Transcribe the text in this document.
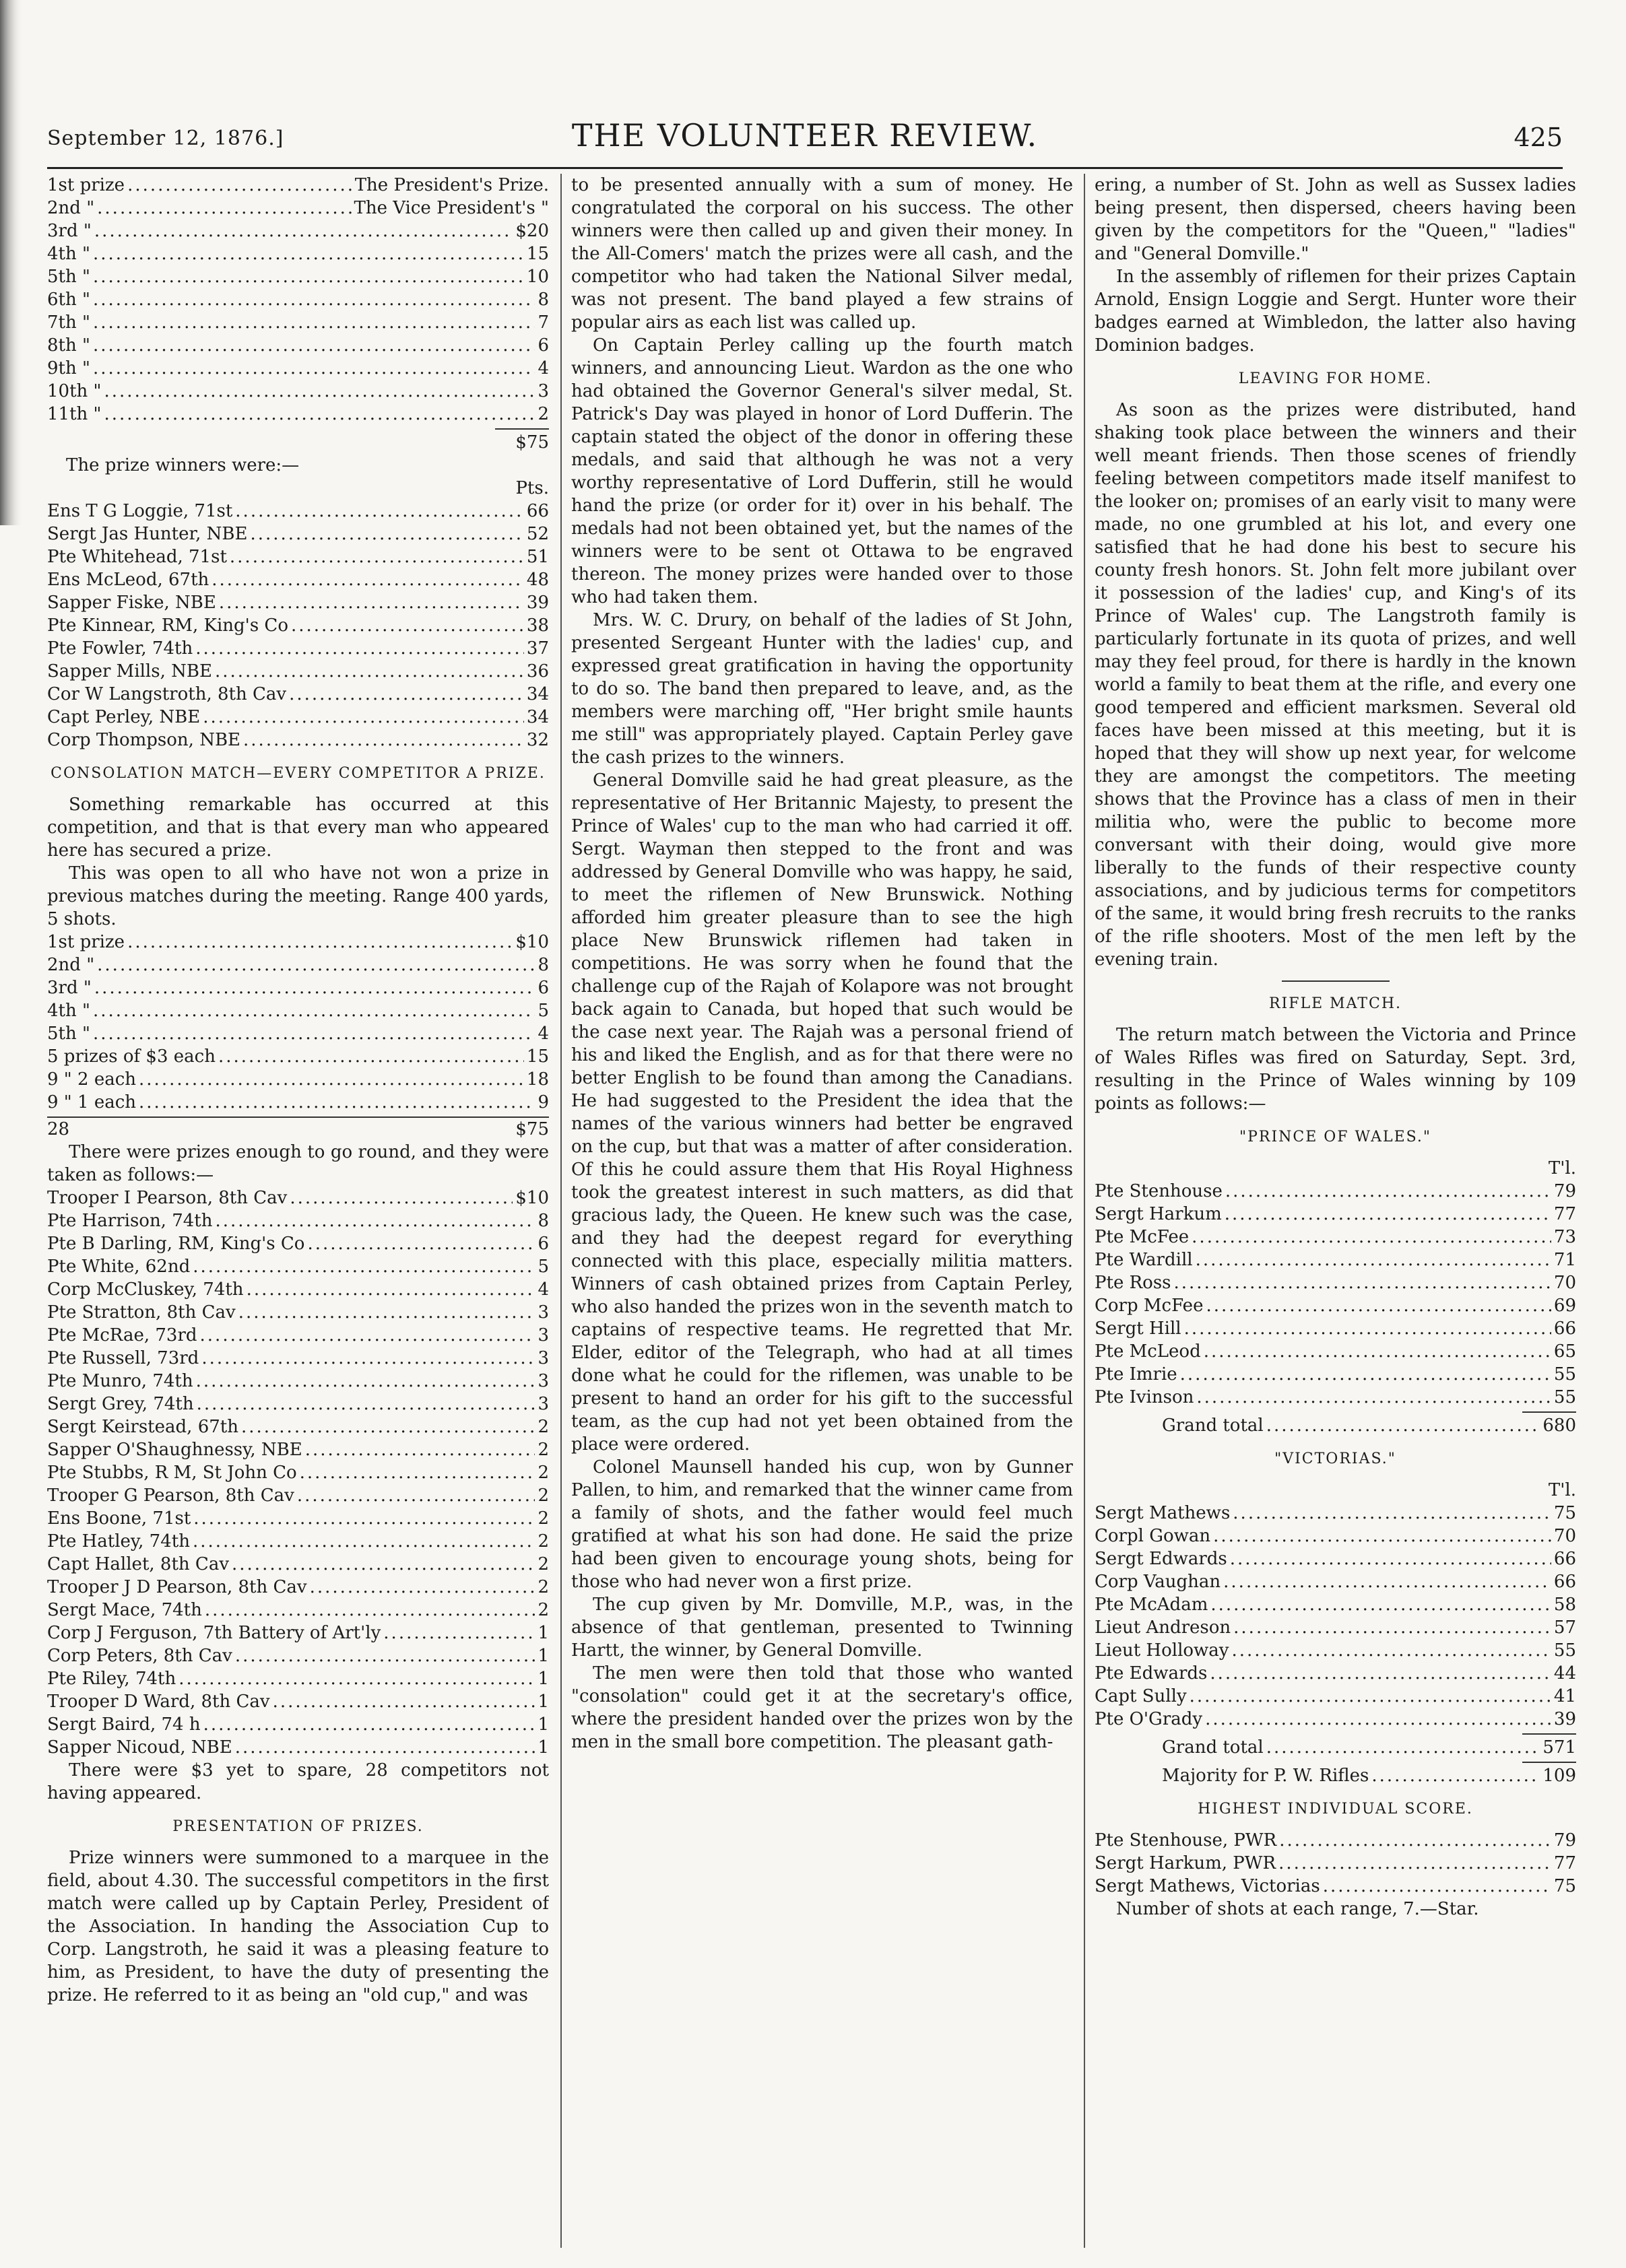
September 12, 1876.]	THE VOLUNTEER REVIEW.	425
1st prize .....	The President's Prize.
2nd " .....	The Vice President's "
3rd " .....	$20
4th " .....	15
5th " .....	10
6th " .....	8
7th " .....	7
8th " .....	6
9th " .....	4
10th " .....	3
11th " .....	2
$75
The prize winners were:—
Pts.
Ens T G Loggie, 71st .....	66
Sergt Jas Hunter, NBE .....	52
Pte Whitehead, 71st .....	51
Ens McLeod, 67th .....	48
Sapper Fiske, NBE .....	39
Pte Kinnear, RM, King's Co .....	38
Pte Fowler, 74th .....	37
Sapper Mills, NBE .....	36
Cor W Langstroth, 8th Cav .....	34
Capt Perley, NBE .....	34
Corp Thompson, NBE .....	32
CONSOLATION MATCH—EVERY COMPETITOR A PRIZE.

Something remarkable has occurred at this competition, and that is that every man who appeared here has secured a prize.

This was open to all who have not won a prize in previous matches during the meeting. Range 400 yards, 5 shots.

1st prize .....	$10
2nd " .....	8
3rd " .....	6
4th " .....	5
5th " .....	4
5 prizes of $3 each .....	15
9 " 2 each .....	18
9 " 1 each .....	9
28	$75

There were prizes enough to go round, and they were taken as follows:—

Trooper I Pearson, 8th Cav .....	$10
Pte Harrison, 74th .....	8
Pte B Darling, RM, King's Co .....	6
Pte White, 62nd .....	5
Corp McCluskey, 74th .....	4
Pte Stratton, 8th Cav .....	3
Pte McRae, 73rd .....	3
Pte Russell, 73rd .....	3
Pte Munro, 74th .....	3
Sergt Grey, 74th .....	3
Sergt Keirstead, 67th .....	2
Sapper O'Shaughnessy, NBE .....	2
Pte Stubbs, R M, St John Co .....	2
Trooper G Pearson, 8th Cav .....	2
Ens Boone, 71st .....	2
Pte Hatley, 74th .....	2
Capt Hallet, 8th Cav .....	2
Trooper J D Pearson, 8th Cav .....	2
Sergt Mace, 74th .....	2
Corp J Ferguson, 7th Battery of Art'ly .....	1
Corp Peters, 8th Cav .....	1
Pte Riley, 74th .....	1
Trooper D Ward, 8th Cav .....	1
Sergt Baird, 74 h .....	1
Sapper Nicoud, NBE .....	1

There were $3 yet to spare, 28 competitors not having appeared.

PRESENTATION OF PRIZES.

Prize winners were summoned to a marquee in the field, about 4.30. The successful competitors in the first match were called up by Captain Perley, President of the Association. In handing the Association Cup to Corp. Langstroth, he said it was a pleasing feature to him, as President, to have the duty of presenting the prize. He referred to it as being an "old cup," and was

to be presented annually with a sum of money. He congratulated the corporal on his success. The other winners were then called up and given their money. In the All-Comers' match the prizes were all cash, and the competitor who had taken the National Silver medal, was not present. The band played a few strains of popular airs as each list was called up.

On Captain Perley calling up the fourth match winners, and announcing Lieut. Wardon as the one who had obtained the Governor General's silver medal, St. Patrick's Day was played in honor of Lord Dufferin. The captain stated the object of the donor in offering these medals, and said that although he was not a very worthy representative of Lord Dufferin, still he would hand the prize (or order for it) over in his behalf. The medals had not been obtained yet, but the names of the winners were to be sent ot Ottawa to be engraved thereon. The money prizes were handed over to those who had taken them.

Mrs. W. C. Drury, on behalf of the ladies of St John, presented Sergeant Hunter with the ladies' cup, and expressed great gratification in having the opportunity to do so. The band then prepared to leave, and, as the members were marching off, "Her bright smile haunts me still" was appropriately played. Captain Perley gave the cash prizes to the winners.

General Domville said he had great pleasure, as the representative of Her Britannic Majesty, to present the Prince of Wales' cup to the man who had carried it off. Sergt. Wayman then stepped to the front and was addressed by General Domville who was happy, he said, to meet the riflemen of New Brunswick. Nothing afforded him greater pleasure than to see the high place New Brunswick riflemen had taken in competitions. He was sorry when he found that the challenge cup of the Rajah of Kolapore was not brought back again to Canada, but hoped that such would be the case next year. The Rajah was a personal friend of his and liked the English, and as for that there were no better English to be found than among the Canadians. He had suggested to the President the idea that the names of the various winners had better be engraved on the cup, but that was a matter of after consideration. Of this he could assure them that His Royal Highness took the greatest interest in such matters, as did that gracious lady, the Queen. He knew such was the case, and they had the deepest regard for everything connected with this place, especially militia matters. Winners of cash obtained prizes from Captain Perley, who also handed the prizes won in the seventh match to captains of respective teams. He regretted that Mr. Elder, editor of the Telegraph, who had at all times done what he could for the riflemen, was unable to be present to hand an order for his gift to the successful team, as the cup had not yet been obtained from the place were ordered.

Colonel Maunsell handed his cup, won by Gunner Pallen, to him, and remarked that the winner came from a family of shots, and the father would feel much gratified at what his son had done. He said the prize had been given to encourage young shots, being for those who had never won a first prize.

The cup given by Mr. Domville, M.P., was, in the absence of that gentleman, presented to Twinning Hartt, the winner, by General Domville.

The men were then told that those who wanted "consolation" could get it at the secretary's office, where the president handed over the prizes won by the men in the small bore competition. The pleasant gath-

ering, a number of St. John as well as Sussex ladies being present, then dispersed, cheers having been given by the competitors for the "Queen," "ladies" and "General Domville."

In the assembly of riflemen for their prizes Captain Arnold, Ensign Loggie and Sergt. Hunter wore their badges earned at Wimbledon, the latter also having Dominion badges.

LEAVING FOR HOME.

As soon as the prizes were distributed, hand shaking took place between the winners and their well meant friends. Then those scenes of friendly feeling between competitors made itself manifest to the looker on; promises of an early visit to many were made, no one grumbled at his lot, and every one satisfied that he had done his best to secure his county fresh honors. St. John felt more jubilant over it possession of the ladies' cup, and King's of its Prince of Wales' cup. The Langstroth family is particularly fortunate in its quota of prizes, and well may they feel proud, for there is hardly in the known world a family to beat them at the rifle, and every one good tempered and efficient marksmen. Several old faces have been missed at this meeting, but it is hoped that they will show up next year, for welcome they are amongst the competitors. The meeting shows that the Province has a class of men in their militia who, were the public to become more conversant with their doing, would give more liberally to the funds of their respective county associations, and by judicious terms for competitors of the same, it would bring fresh recruits to the ranks of the rifle shooters. Most of the men left by the evening train.

RIFLE MATCH.

The return match between the Victoria and Prince of Wales Rifles was fired on Saturday, Sept. 3rd, resulting in the Prince of Wales winning by 109 points as follows:—

"PRINCE OF WALES."
T'l.
Pte Stenhouse .....	79
Sergt Harkum .....	77
Pte McFee .....	73
Pte Wardill .....	71
Pte Ross .....	70
Corp McFee .....	69
Sergt Hill .....	66
Pte McLeod .....	65
Pte Imrie .....	55
Pte Ivinson .....	55
Grand total .....	680
"VICTORIAS."
T'l.
Sergt Mathews .....	75
Corpl Gowan .....	70
Sergt Edwards .....	66
Corp Vaughan .....	66
Pte McAdam .....	58
Lieut Andreson .....	57
Lieut Holloway .....	55
Pte Edwards .....	44
Capt Sully .....	41
Pte O'Grady .....	39
Grand total .....	571
Majority for P. W. Rifles .....	109
HIGHEST INDIVIDUAL SCORE.
Pte Stenhouse, PWR .....	79
Sergt Harkum, PWR .....	77
Sergt Mathews, Victorias .....	75

Number of shots at each range, 7.—Star.
